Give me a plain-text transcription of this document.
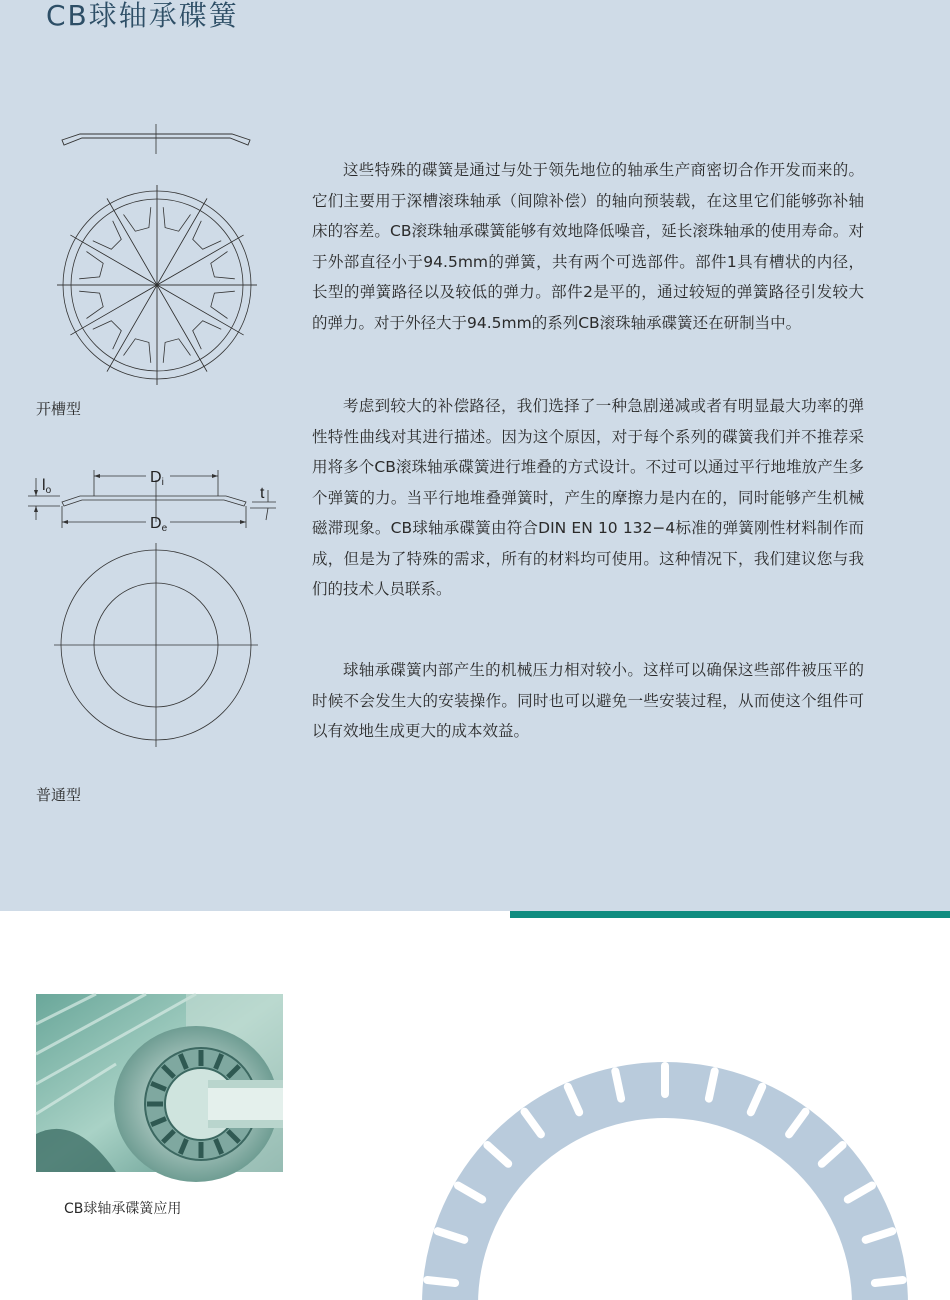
CB球轴承碟簧
Di
De
lo	t
开槽型
普通型

这些特殊的碟簧是通过与处于领先地位的轴承生产商密切合作开发而来的。它们主要用于深槽滚珠轴承（间隙补偿）的轴向预装载，在这里它们能够弥补轴床的容差。CB滚珠轴承碟簧能够有效地降低噪音，延长滚珠轴承的使用寿命。对于外部直径小于94.5mm的弹簧，共有两个可选部件。部件1具有槽状的内径，长型的弹簧路径以及较低的弹力。部件2是平的，通过较短的弹簧路径引发较大的弹力。对于外径大于94.5mm的系列CB滚珠轴承碟簧还在研制当中。

考虑到较大的补偿路径，我们选择了一种急剧递减或者有明显最大功率的弹性特性曲线对其进行描述。因为这个原因，对于每个系列的碟簧我们并不推荐采用将多个CB滚珠轴承碟簧进行堆叠的方式设计。不过可以通过平行地堆放产生多个弹簧的力。当平行地堆叠弹簧时，产生的摩擦力是内在的，同时能够产生机械磁滞现象。CB球轴承碟簧由符合DIN EN 10 132−4标准的弹簧刚性材料制作而成，但是为了特殊的需求，所有的材料均可使用。这种情况下，我们建议您与我们的技术人员联系。

球轴承碟簧内部产生的机械压力相对较小。这样可以确保这些部件被压平的时候不会发生大的安装操作。同时也可以避免一些安装过程，从而使这个组件可以有效地生成更大的成本效益。

CB球轴承碟簧应用
